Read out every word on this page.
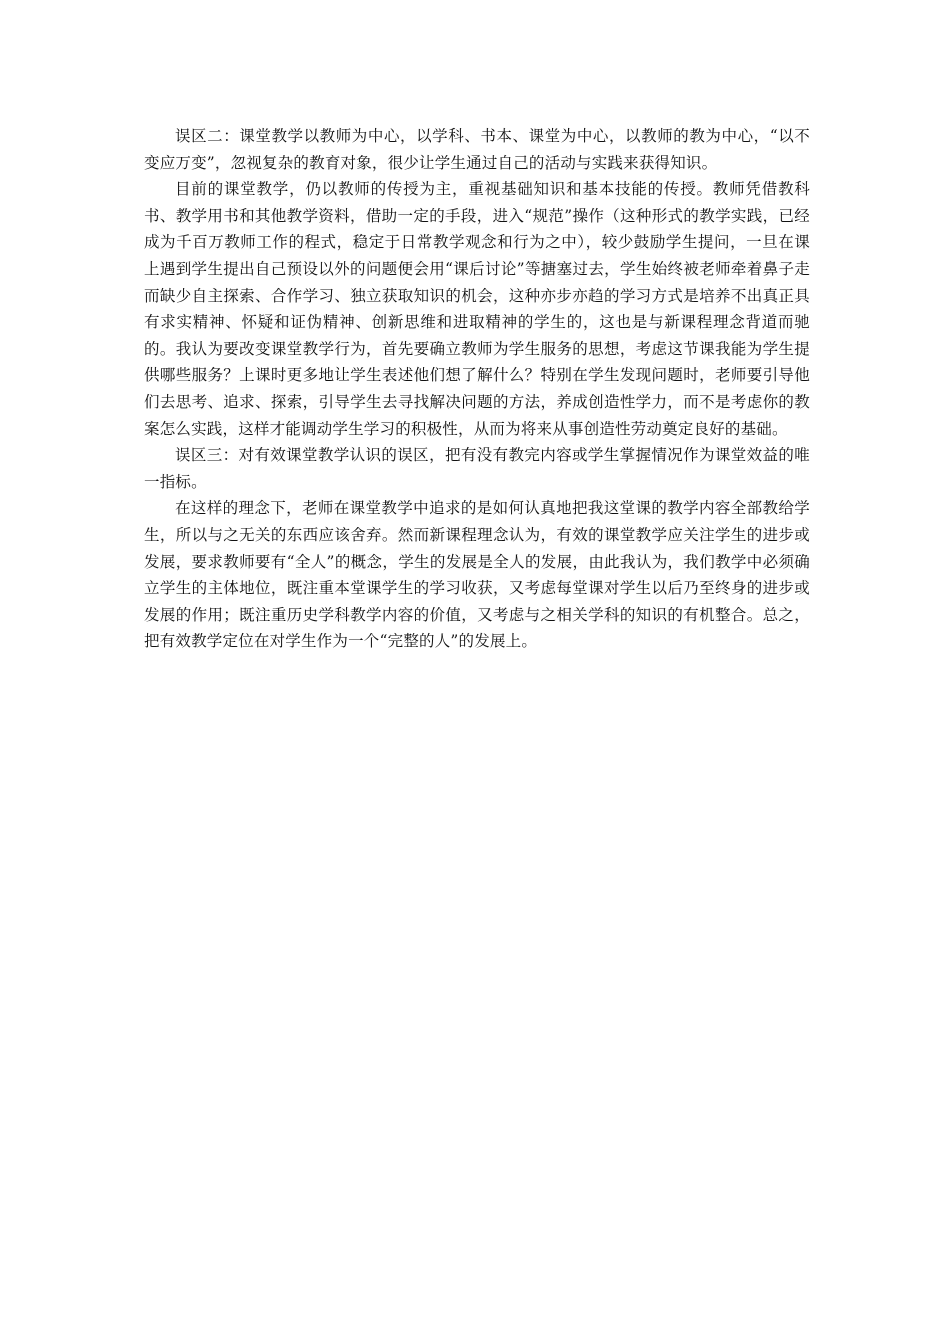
误区二：课堂教学以教师为中心，以学科、书本、课堂为中心，以教师的教为中心，“以不变应万变”，忽视复杂的教育对象，很少让学生通过自己的活动与实践来获得知识。

目前的课堂教学，仍以教师的传授为主，重视基础知识和基本技能的传授。教师凭借教科书、教学用书和其他教学资料，借助一定的手段，进入“规范”操作（这种形式的教学实践，已经成为千百万教师工作的程式，稳定于日常教学观念和行为之中），较少鼓励学生提问，一旦在课上遇到学生提出自己预设以外的问题便会用“课后讨论”等搪塞过去，学生始终被老师牵着鼻子走而缺少自主探索、合作学习、独立获取知识的机会，这种亦步亦趋的学习方式是培养不出真正具有求实精神、怀疑和证伪精神、创新思维和进取精神的学生的，这也是与新课程理念背道而驰的。我认为要改变课堂教学行为，首先要确立教师为学生服务的思想，考虑这节课我能为学生提供哪些服务？上课时更多地让学生表述他们想了解什么？特别在学生发现问题时，老师要引导他们去思考、追求、探索，引导学生去寻找解决问题的方法，养成创造性学力，而不是考虑你的教案怎么实践，这样才能调动学生学习的积极性，从而为将来从事创造性劳动奠定良好的基础。

误区三：对有效课堂教学认识的误区，把有没有教完内容或学生掌握情况作为课堂效益的唯一指标。

在这样的理念下，老师在课堂教学中追求的是如何认真地把我这堂课的教学内容全部教给学生，所以与之无关的东西应该舍弃。然而新课程理念认为，有效的课堂教学应关注学生的进步或发展，要求教师要有“全人”的概念，学生的发展是全人的发展，由此我认为，我们教学中必须确立学生的主体地位，既注重本堂课学生的学习收获，又考虑每堂课对学生以后乃至终身的进步或发展的作用；既注重历史学科教学内容的价值，又考虑与之相关学科的知识的有机整合。总之，把有效教学定位在对学生作为一个“完整的人”的发展上。
